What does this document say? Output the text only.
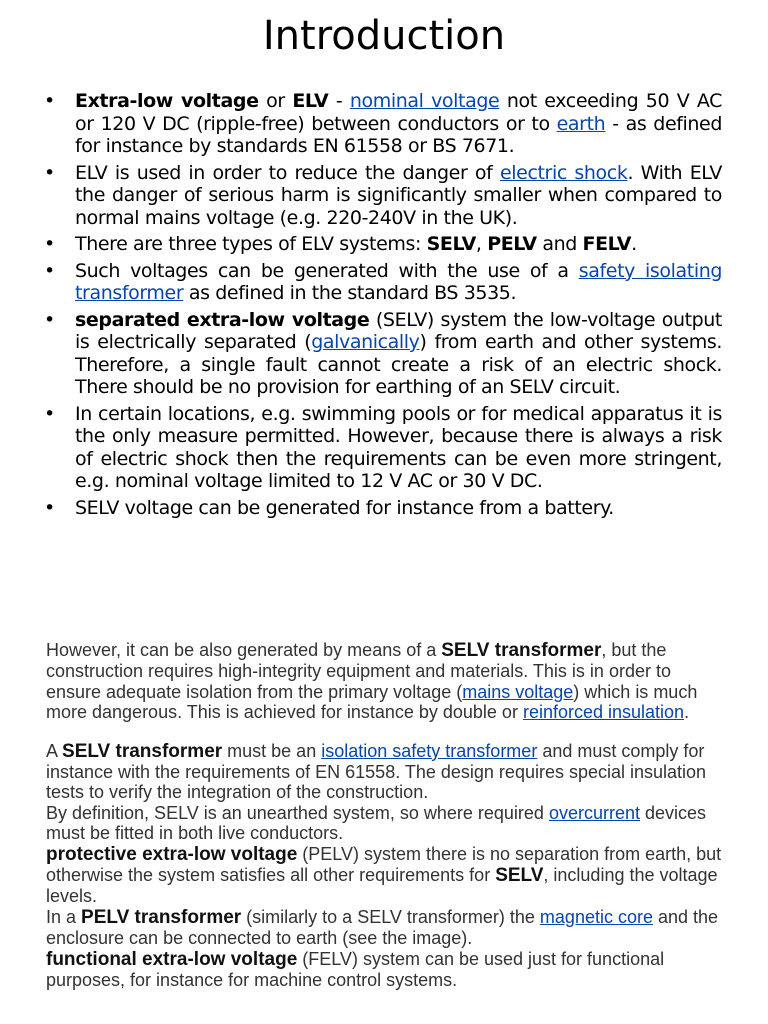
Introduction
• Extra-low voltage or ELV - nominal voltage not exceeding 50 V AC or 120 V DC (ripple-free) between conductors or to earth - as defined for instance by standards EN 61558 or BS 7671.
• ELV is used in order to reduce the danger of electric shock. With ELV the danger of serious harm is significantly smaller when compared to normal mains voltage (e.g. 220-240V in the UK).
• There are three types of ELV systems: SELV, PELV and FELV.
• Such voltages can be generated with the use of a safety isolating transformer as defined in the standard BS 3535.
• separated extra-low voltage (SELV) system the low-voltage output is electrically separated (galvanically) from earth and other systems. Therefore, a single fault cannot create a risk of an electric shock. There should be no provision for earthing of an SELV circuit.
• In certain locations, e.g. swimming pools or for medical apparatus it is the only measure permitted. However, because there is always a risk of electric shock then the requirements can be even more stringent, e.g. nominal voltage limited to 12 V AC or 30 V DC.
• SELV voltage can be generated for instance from a battery.

However, it can be also generated by means of a SELV transformer, but the construction requires high-integrity equipment and materials. This is in order to ensure adequate isolation from the primary voltage (mains voltage) which is much more dangerous. This is achieved for instance by double or reinforced insulation.

A SELV transformer must be an isolation safety transformer and must comply for instance with the requirements of EN 61558. The design requires special insulation tests to verify the integration of the construction.

By definition, SELV is an unearthed system, so where required overcurrent devices must be fitted in both live conductors.

protective extra-low voltage (PELV) system there is no separation from earth, but otherwise the system satisfies all other requirements for SELV, including the voltage levels.

In a PELV transformer (similarly to a SELV transformer) the magnetic core and the enclosure can be connected to earth (see the image).

functional extra-low voltage (FELV) system can be used just for functional purposes, for instance for machine control systems.
